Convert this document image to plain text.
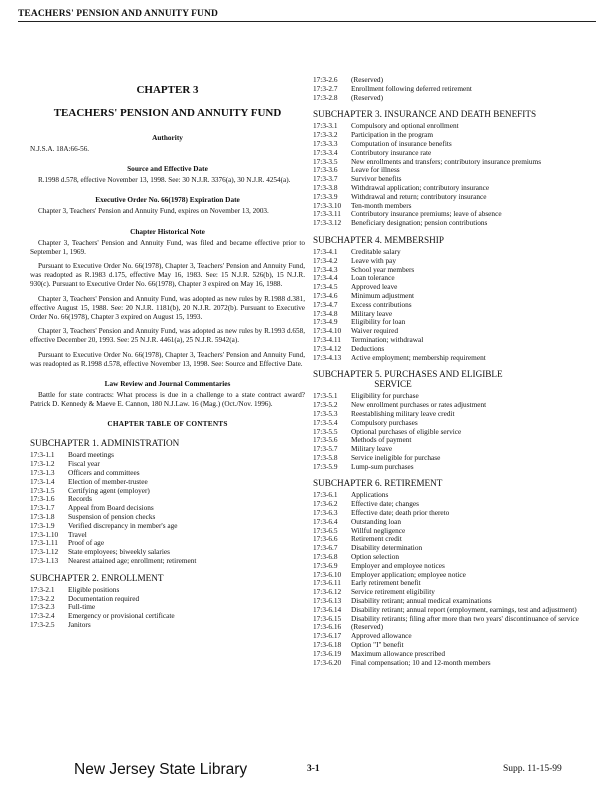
TEACHERS' PENSION AND ANNUITY FUND
CHAPTER 3
TEACHERS' PENSION AND ANNUITY FUND
Authority
N.J.S.A. 18A:66-56.
Source and Effective Date
R.1998 d.578, effective November 13, 1998. See: 30 N.J.R. 3376(a), 30 N.J.R. 4254(a).
Executive Order No. 66(1978) Expiration Date
Chapter 3, Teachers' Pension and Annuity Fund, expires on November 13, 2003.
Chapter Historical Note
Chapter 3, Teachers' Pension and Annuity Fund, was filed and became effective prior to September 1, 1969.
Pursuant to Executive Order No. 66(1978), Chapter 3, Teachers' Pension and Annuity Fund, was readopted as R.1983 d.175, effective May 16, 1983. See: 15 N.J.R. 526(b), 15 N.J.R. 930(c). Pursuant to Executive Order No. 66(1978), Chapter 3 expired on May 16, 1988.
Chapter 3, Teachers' Pension and Annuity Fund, was adopted as new rules by R.1988 d.381, effective August 15, 1988. See: 20 N.J.R. 1181(b), 20 N.J.R. 2072(b). Pursuant to Executive Order No. 66(1978), Chapter 3 expired on August 15, 1993.
Chapter 3, Teachers' Pension and Annuity Fund, was adopted as new rules by R.1993 d.658, effective December 20, 1993. See: 25 N.J.R. 4461(a), 25 N.J.R. 5942(a).
Pursuant to Executive Order No. 66(1978), Chapter 3, Teachers' Pension and Annuity Fund, was readopted as R.1998 d.578, effective November 13, 1998. See: Source and Effective Date.
Law Review and Journal Commentaries
Battle for state contracts: What process is due in a challenge to a state contract award? Patrick D. Kennedy & Maeve E. Cannon, 180 N.J.Law. 16 (Mag.) (Oct./Nov. 1996).
CHAPTER TABLE OF CONTENTS
SUBCHAPTER 1. ADMINISTRATION
17:3-1.1	Board meetings
17:3-1.2	Fiscal year
17:3-1.3	Officers and committees
17:3-1.4	Election of member-trustee
17:3-1.5	Certifying agent (employer)
17:3-1.6	Records
17:3-1.7	Appeal from Board decisions
17:3-1.8	Suspension of pension checks
17:3-1.9	Verified discrepancy in member's age
17:3-1.10	Travel
17:3-1.11	Proof of age
17:3-1.12	State employees; biweekly salaries
17:3-1.13	Nearest attained age; enrollment; retirement
SUBCHAPTER 2. ENROLLMENT
17:3-2.1	Eligible positions
17:3-2.2	Documentation required
17:3-2.3	Full-time
17:3-2.4	Emergency or provisional certificate
17:3-2.5	Janitors
17:3-2.6	(Reserved)
17:3-2.7	Enrollment following deferred retirement
17:3-2.8	(Reserved)
SUBCHAPTER 3. INSURANCE AND DEATH BENEFITS
17:3-3.1	Compulsory and optional enrollment
17:3-3.2	Participation in the program
17:3-3.3	Computation of insurance benefits
17:3-3.4	Contributory insurance rate
17:3-3.5	New enrollments and transfers; contributory insurance premiums
17:3-3.6	Leave for illness
17:3-3.7	Survivor benefits
17:3-3.8	Withdrawal application; contributory insurance
17:3-3.9	Withdrawal and return; contributory insurance
17:3-3.10	Ten-month members
17:3-3.11	Contributory insurance premiums; leave of absence
17:3-3.12	Beneficiary designation; pension contributions
SUBCHAPTER 4. MEMBERSHIP
17:3-4.1	Creditable salary
17:3-4.2	Leave with pay
17:3-4.3	School year members
17:3-4.4	Loan tolerance
17:3-4.5	Approved leave
17:3-4.6	Minimum adjustment
17:3-4.7	Excess contributions
17:3-4.8	Military leave
17:3-4.9	Eligibility for loan
17:3-4.10	Waiver required
17:3-4.11	Termination; withdrawal
17:3-4.12	Deductions
17:3-4.13	Active employment; membership requirement
SUBCHAPTER 5. PURCHASES AND ELIGIBLE
SERVICE
17:3-5.1	Eligibility for purchase
17:3-5.2	New enrollment purchases or rates adjustment
17:3-5.3	Reestablishing military leave credit
17:3-5.4	Compulsory purchases
17:3-5.5	Optional purchases of eligible service
17:3-5.6	Methods of payment
17:3-5.7	Military leave
17:3-5.8	Service ineligible for purchase
17:3-5.9	Lump-sum purchases
SUBCHAPTER 6. RETIREMENT
17:3-6.1	Applications
17:3-6.2	Effective date; changes
17:3-6.3	Effective date; death prior thereto
17:3-6.4	Outstanding loan
17:3-6.5	Willful negligence
17:3-6.6	Retirement credit
17:3-6.7	Disability determination
17:3-6.8	Option selection
17:3-6.9	Employer and employee notices
17:3-6.10	Employer application; employee notice
17:3-6.11	Early retirement benefit
17:3-6.12	Service retirement eligibility
17:3-6.13	Disability retirant; annual medical examinations
17:3-6.14	Disability retirant; annual report (employment, earnings, test and adjustment)
17:3-6.15	Disability retirants; filing after more than two years' discontinuance of service
17:3-6.16	(Reserved)
17:3-6.17	Approved allowance
17:3-6.18	Option "I" benefit
17:3-6.19	Maximum allowance prescribed
17:3-6.20	Final compensation; 10 and 12-month members
New Jersey State Library	3-1	Supp. 11-15-99
